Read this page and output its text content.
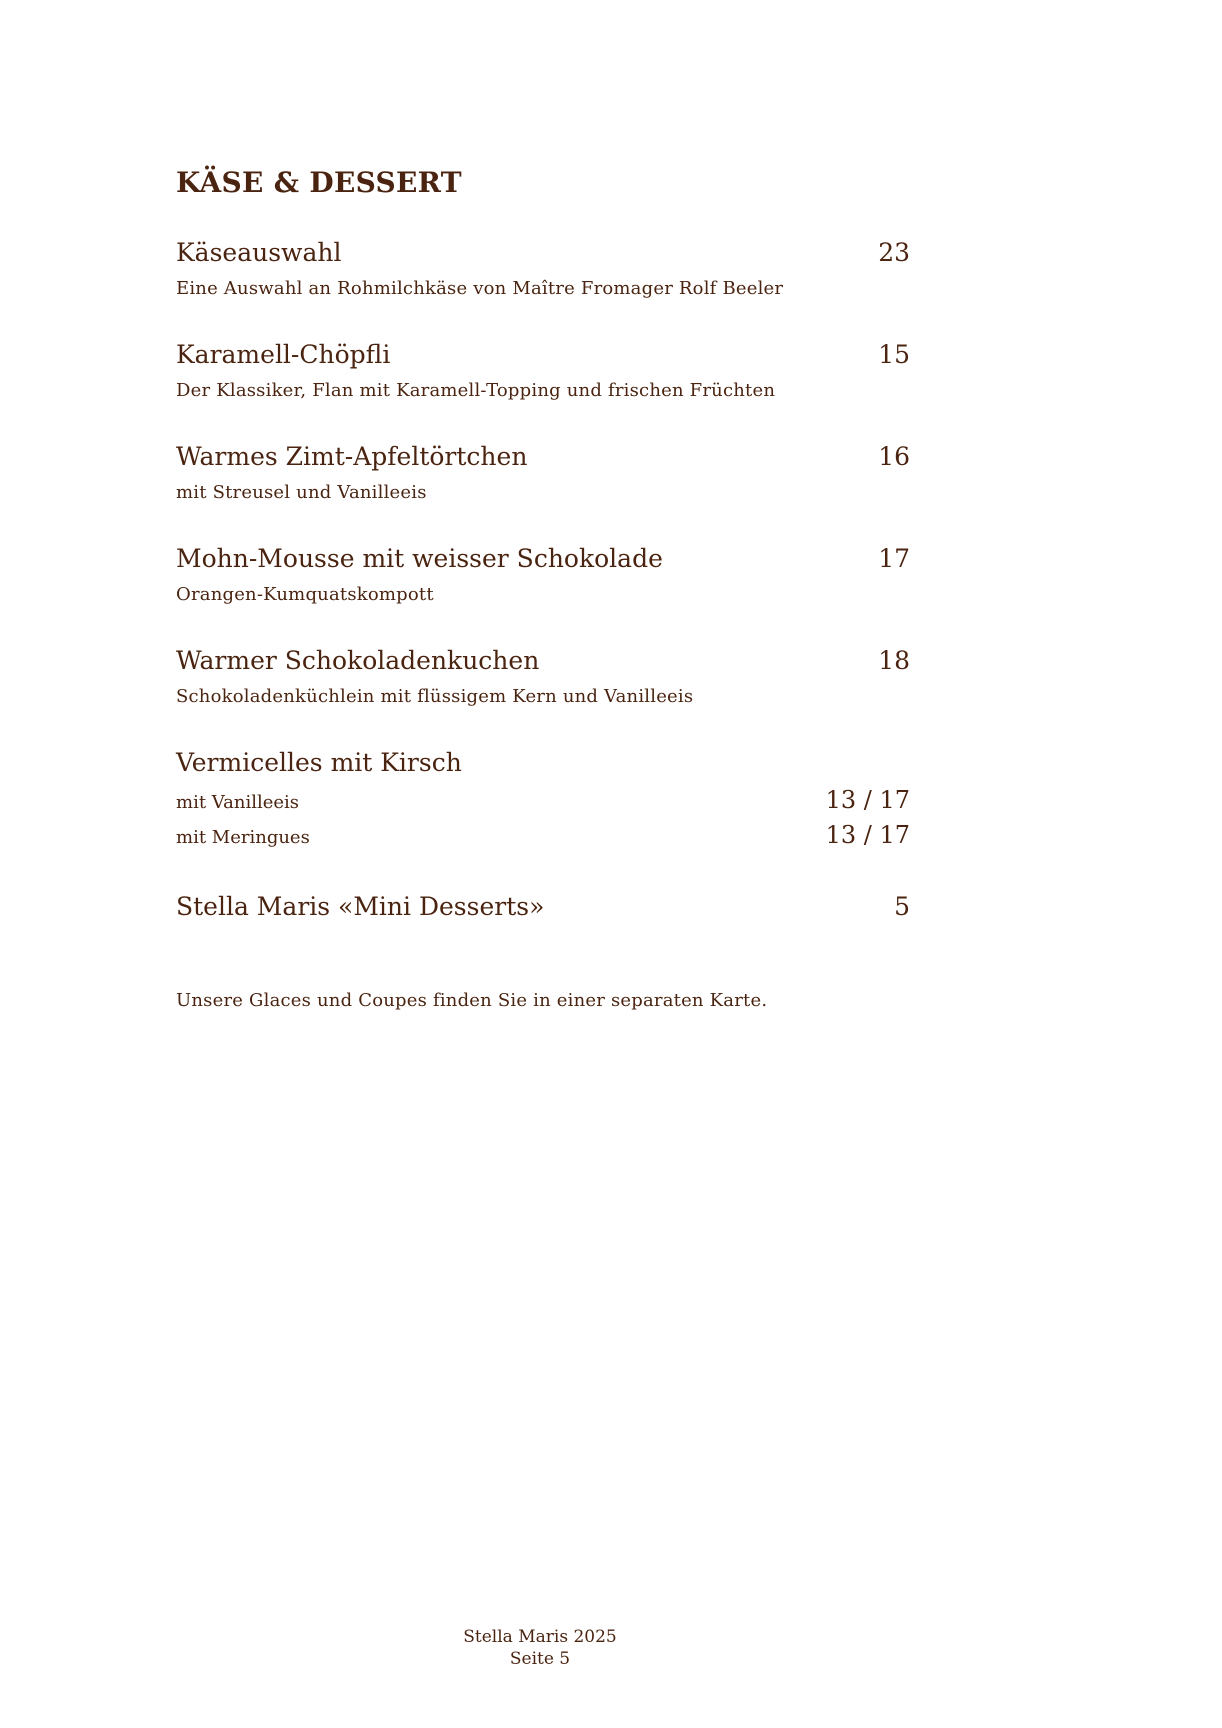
KÄSE & DESSERT
Käseauswahl	23
Eine Auswahl an Rohmilchkäse von Maître Fromager Rolf Beeler
Karamell-Chöpfli	15
Der Klassiker, Flan mit Karamell-Topping und frischen Früchten
Warmes Zimt-Apfeltörtchen	16
mit Streusel und Vanilleeis
Mohn-Mousse mit weisser Schokolade	17
Orangen-Kumquatskompott
Warmer Schokoladenkuchen	18
Schokoladenküchlein mit flüssigem Kern und Vanilleeis
Vermicelles mit Kirsch
mit Vanilleeis	13 / 17
mit Meringues	13 / 17
Stella Maris «Mini Desserts»	5
Unsere Glaces und Coupes finden Sie in einer separaten Karte.
Stella Maris 2025
Seite 5
